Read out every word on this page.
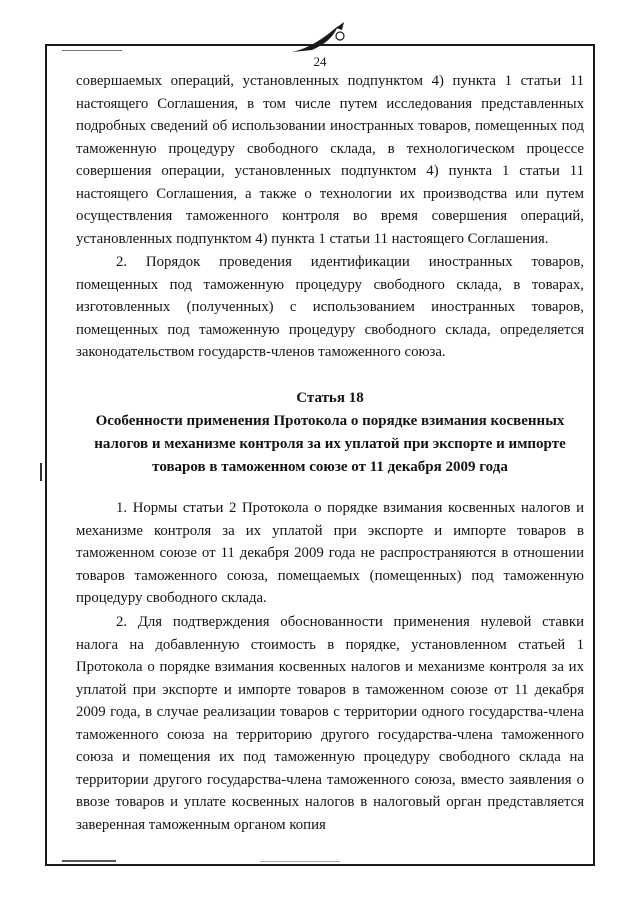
24

совершаемых операций, установленных подпунктом 4) пункта 1 статьи 11 настоящего Соглашения, в том числе путем исследования представленных подробных сведений об использовании иностранных товаров, помещенных под таможенную процедуру свободного склада, в технологическом процессе совершения операции, установленных подпунктом 4) пункта 1 статьи 11 настоящего Соглашения, а также о технологии их производства или путем осуществления таможенного контроля во время совершения операций, установленных подпунктом 4) пункта 1 статьи 11 настоящего Соглашения.

2. Порядок проведения идентификации иностранных товаров, помещенных под таможенную процедуру свободного склада, в товарах, изготовленных (полученных) с использованием иностранных товаров, помещенных под таможенную процедуру свободного склада, определяется законодательством государств-членов таможенного союза.

Статья 18
Особенности применения Протокола о порядке взимания косвенных
налогов и механизме контроля за их уплатой при экспорте и импорте
товаров в таможенном союзе от 11 декабря 2009 года

1. Нормы статьи 2 Протокола о порядке взимания косвенных налогов и механизме контроля за их уплатой при экспорте и импорте товаров в таможенном союзе от 11 декабря 2009 года не распространяются в отношении товаров таможенного союза, помещаемых (помещенных) под таможенную процедуру свободного склада.

2. Для подтверждения обоснованности применения нулевой ставки налога на добавленную стоимость в порядке, установленном статьей 1 Протокола о порядке взимания косвенных налогов и механизме контроля за их уплатой при экспорте и импорте товаров в таможенном союзе от 11 декабря 2009 года, в случае реализации товаров с территории одного государства-члена таможенного союза на территорию другого государства-члена таможенного союза и помещения их под таможенную процедуру свободного склада на территории другого государства-члена таможенного союза, вместо заявления о ввозе товаров и уплате косвенных налогов в налоговый орган представляется заверенная таможенным органом копия
